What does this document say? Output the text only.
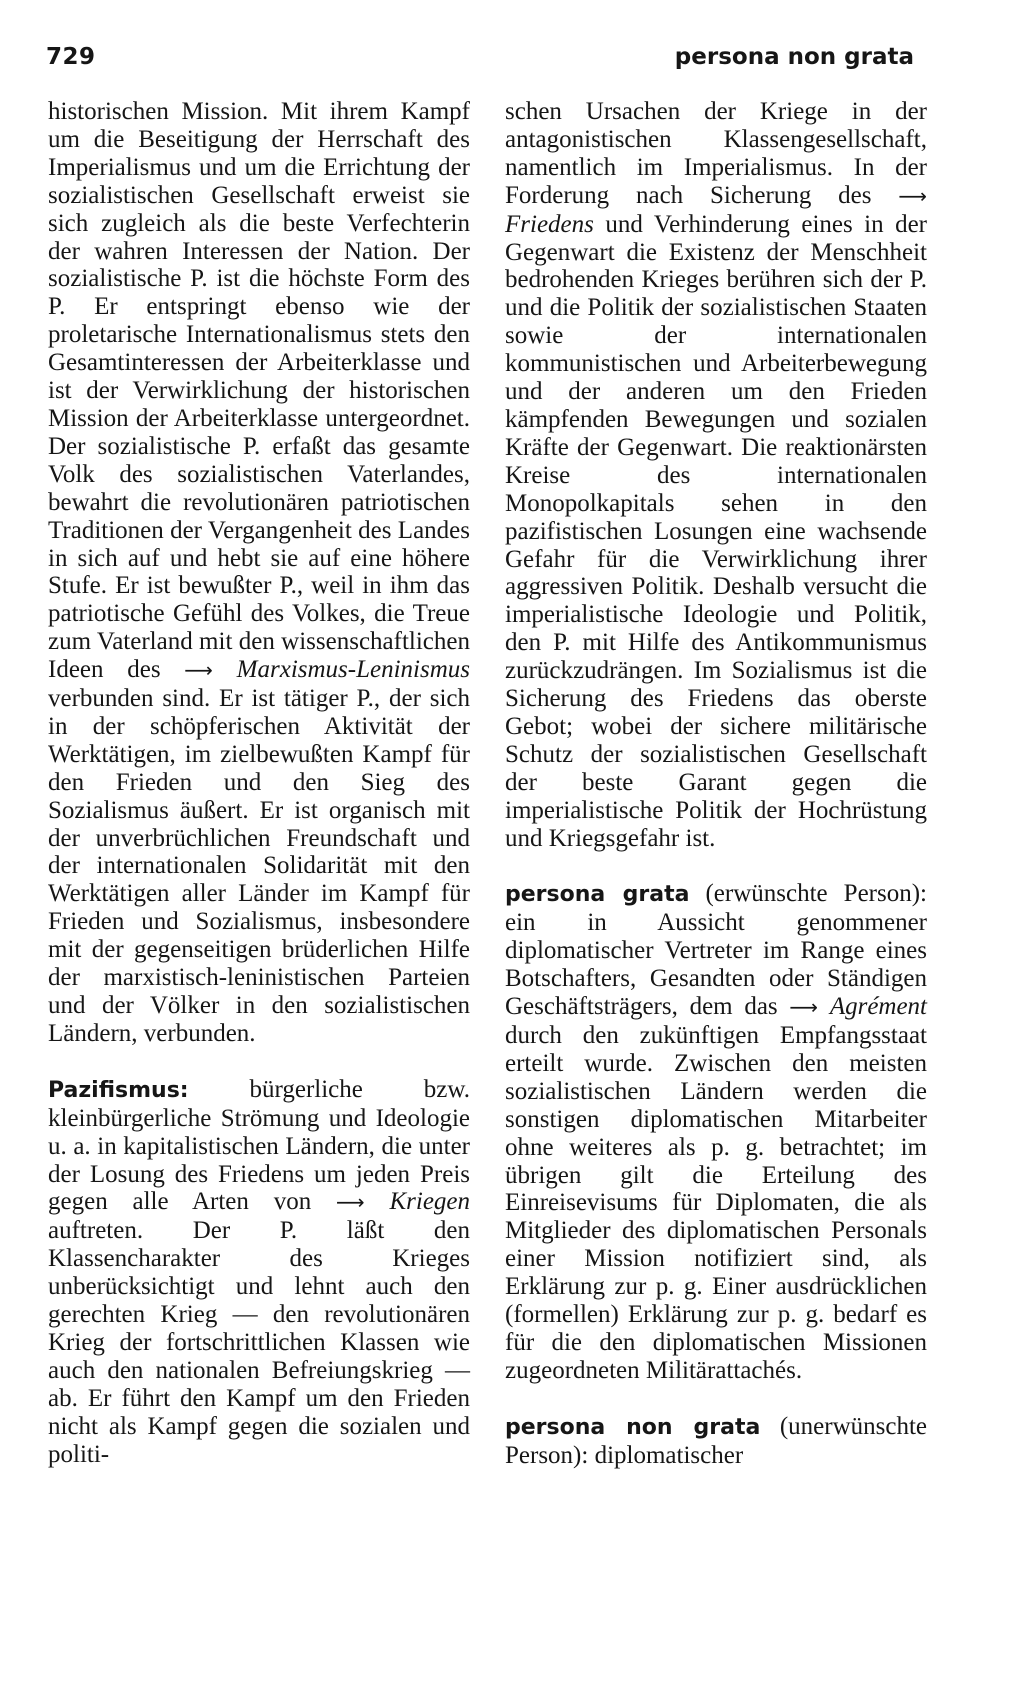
729	persona non grata

historischen Mission. Mit ihrem Kampf um die Beseitigung der Herrschaft des Imperialismus und um die Errichtung der sozialistischen Gesellschaft erweist sie sich zugleich als die beste Verfechterin der wahren Interessen der Nation. Der sozialistische P. ist die höchste Form des P. Er entspringt ebenso wie der proletarische Internationalismus stets den Gesamtinteressen der Arbeiterklasse und ist der Verwirklichung der historischen Mission der Arbeiterklasse untergeordnet. Der sozialistische P. erfaßt das gesamte Volk des sozialistischen Vaterlandes, bewahrt die revolutionären patriotischen Traditionen der Vergangenheit des Landes in sich auf und hebt sie auf eine höhere Stufe. Er ist bewußter P., weil in ihm das patriotische Gefühl des Volkes, die Treue zum Vaterland mit den wissenschaftlichen Ideen des ⟶ Marxismus-Leninismus verbunden sind. Er ist tätiger P., der sich in der schöpferischen Aktivität der Werktätigen, im zielbewußten Kampf für den Frieden und den Sieg des Sozialismus äußert. Er ist organisch mit der unverbrüchlichen Freundschaft und der internationalen Solidarität mit den Werktätigen aller Länder im Kampf für Frieden und Sozialismus, insbesondere mit der gegenseitigen brüderlichen Hilfe der marxistisch-leninistischen Parteien und der Völker in den sozialistischen Ländern, verbunden.

Pazifismus: bürgerliche bzw. kleinbürgerliche Strömung und Ideologie u. a. in kapitalistischen Ländern, die unter der Losung des Friedens um jeden Preis gegen alle Arten von ⟶ Kriegen auftreten. Der P. läßt den Klassencharakter des Krieges unberücksichtigt und lehnt auch den gerechten Krieg — den revolutionären Krieg der fortschrittlichen Klassen wie auch den nationalen Befreiungskrieg — ab. Er führt den Kampf um den Frieden nicht als Kampf gegen die sozialen und politi-

schen Ursachen der Kriege in der antagonistischen Klassengesellschaft, namentlich im Imperialismus. In der Forderung nach Sicherung des ⟶ Friedens und Verhinderung eines in der Gegenwart die Existenz der Menschheit bedrohenden Krieges berühren sich der P. und die Politik der sozialistischen Staaten sowie der internationalen kommunistischen und Arbeiterbewegung und der anderen um den Frieden kämpfenden Bewegungen und sozialen Kräfte der Gegenwart. Die reaktionärsten Kreise des internationalen Monopolkapitals sehen in den pazifistischen Losungen eine wachsende Gefahr für die Verwirklichung ihrer aggressiven Politik. Deshalb versucht die imperialistische Ideologie und Politik, den P. mit Hilfe des Antikommunismus zurückzudrängen. Im Sozialismus ist die Sicherung des Friedens das oberste Gebot; wobei der sichere militärische Schutz der sozialistischen Gesellschaft der beste Garant gegen die imperialistische Politik der Hochrüstung und Kriegsgefahr ist.

persona grata (erwünschte Person): ein in Aussicht genommener diplomatischer Vertreter im Range eines Botschafters, Gesandten oder Ständigen Geschäftsträgers, dem das ⟶ Agrément durch den zukünftigen Empfangsstaat erteilt wurde. Zwischen den meisten sozialistischen Ländern werden die sonstigen diplomatischen Mitarbeiter ohne weiteres als p. g. betrachtet; im übrigen gilt die Erteilung des Einreisevisums für Diplomaten, die als Mitglieder des diplomatischen Personals einer Mission notifiziert sind, als Erklärung zur p. g. Einer ausdrücklichen (formellen) Erklärung zur p. g. bedarf es für die den diplomatischen Missionen zugeordneten Militärattachés.

persona non grata (unerwünschte Person): diplomatischer
